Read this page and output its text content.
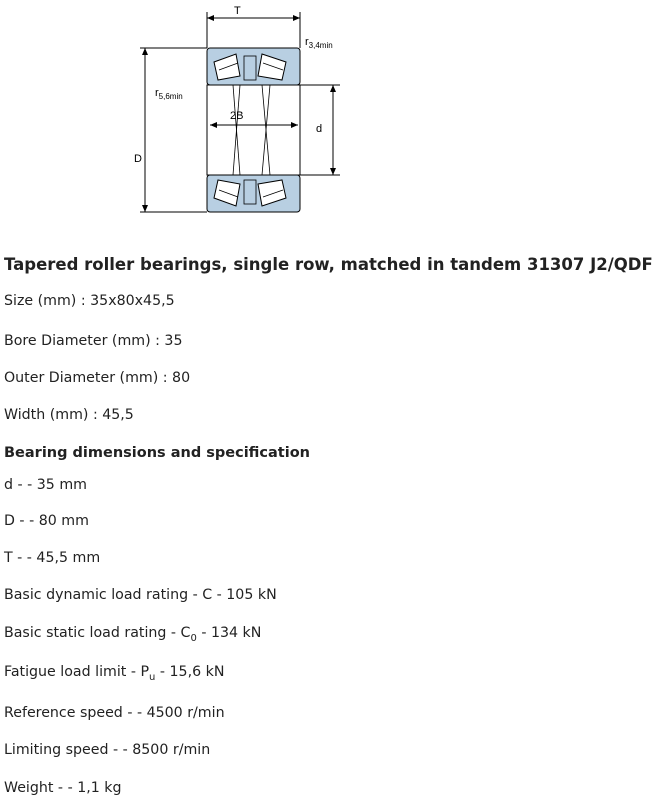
T
$r_{3,4min}$
D
$r_{5,6min}$
2B
d
Tapered roller bearings, single row, matched in tandem 31307 J2/QDF
Size (mm) : 35x80x45,5
Bore Diameter (mm) : 35
Outer Diameter (mm) : 80
Width (mm) : 45,5
Bearing dimensions and specification
d - - 35 mm
D - - 80 mm
T - - 45,5 mm
Basic dynamic load rating - C - 105 kN
Basic static load rating - $C_0 - 134$ kN
Fatigue load limit - $P_u - 15,6$ kN
Reference speed - - 4500 r/min
Limiting speed - - 8500 r/min
Weight - - 1,1 kg
